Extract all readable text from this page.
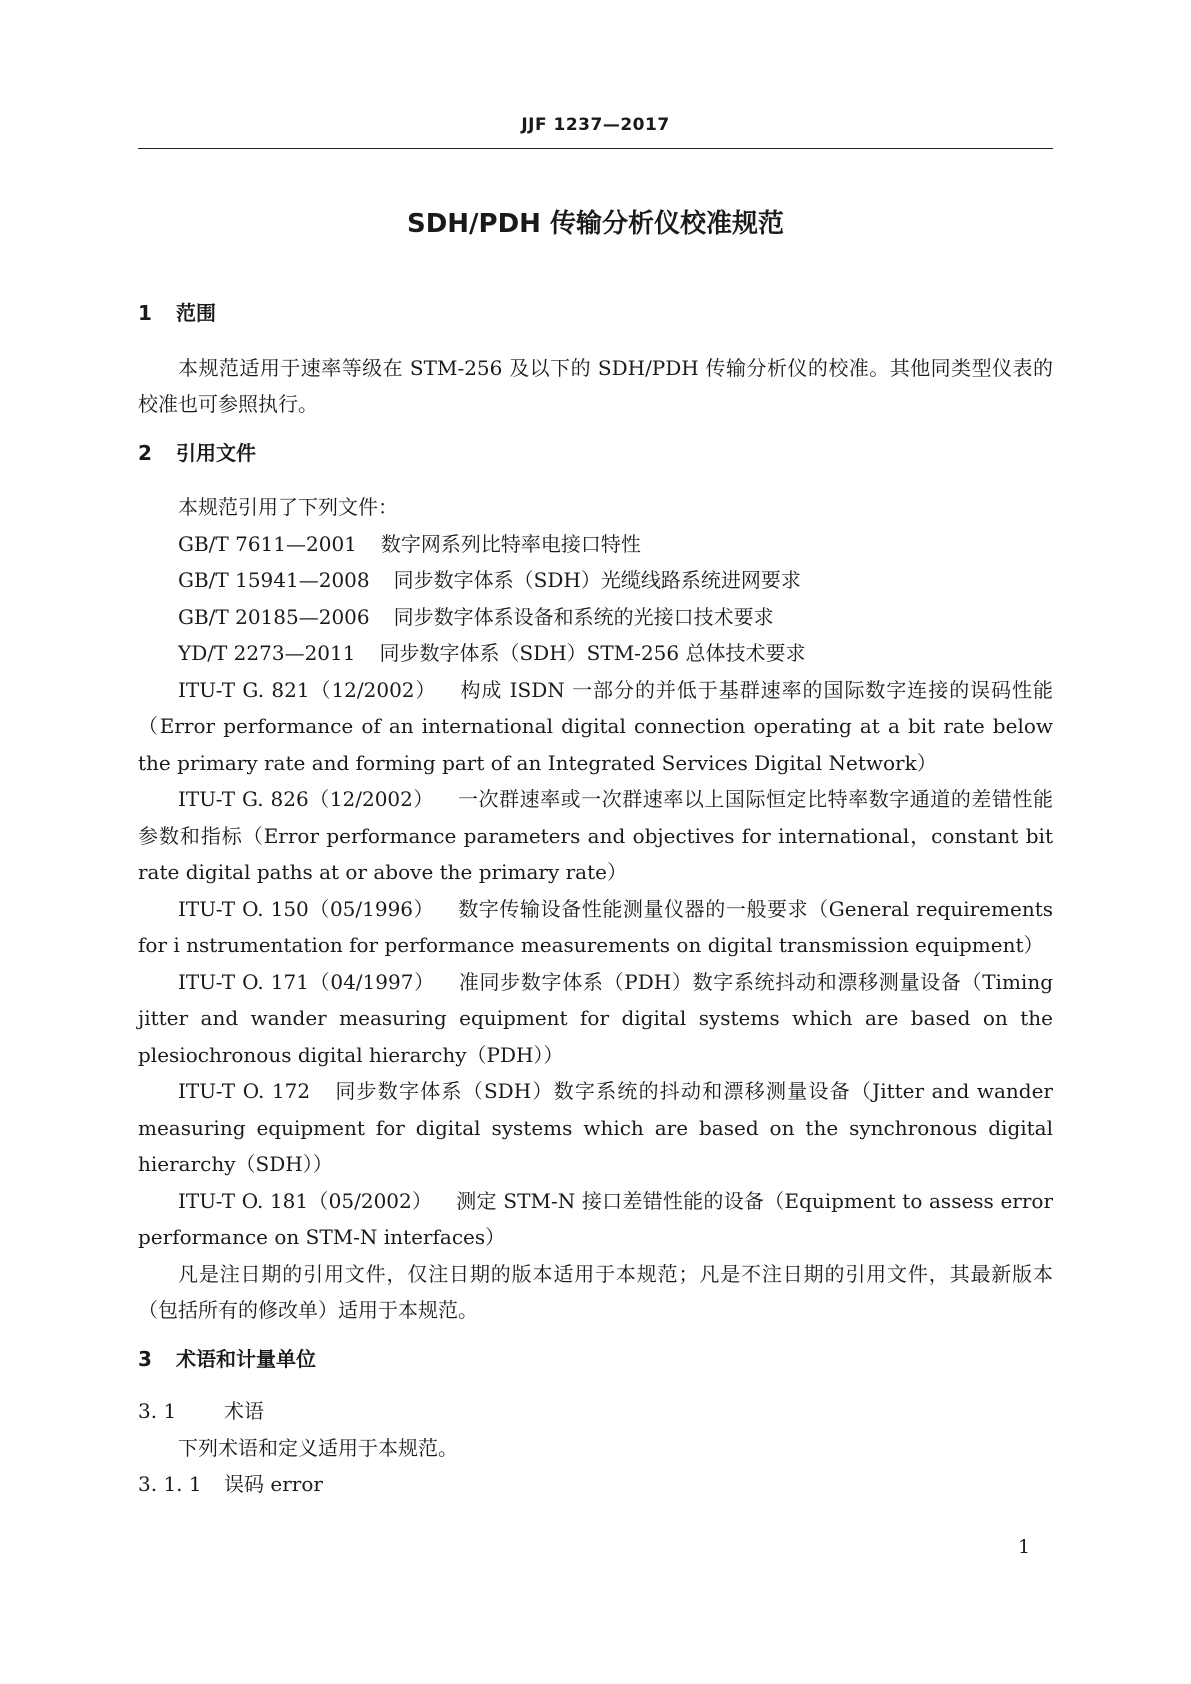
JJF 1237—2017
SDH/PDH 传输分析仪校准规范
1 范围

本规范适用于速率等级在 STM-256 及以下的 SDH/PDH 传输分析仪的校准。其他同类型仪表的校准也可参照执行。

2 引用文件

本规范引用了下列文件：

GB/T 7611—2001 数字网系列比特率电接口特性
GB/T 15941—2008 同步数字体系（SDH）光缆线路系统进网要求
GB/T 20185—2006 同步数字体系设备和系统的光接口技术要求
YD/T 2273—2011 同步数字体系（SDH）STM-256 总体技术要求
ITU-T G. 821（12/2002） 构成 ISDN 一部分的并低于基群速率的国际数字连接的误码性能（Error performance of an international digital connection operating at a bit rate below the primary rate and forming part of an Integrated Services Digital Network）
ITU-T G. 826（12/2002） 一次群速率或一次群速率以上国际恒定比特率数字通道的差错性能参数和指标（Error performance parameters and objectives for international，constant bit rate digital paths at or above the primary rate）
ITU-T O. 150（05/1996） 数字传输设备性能测量仪器的一般要求（General requirements for i nstrumentation for performance measurements on digital transmission equipment）
ITU-T O. 171（04/1997） 准同步数字体系（PDH）数字系统抖动和漂移测量设备（Timing jitter and wander measuring equipment for digital systems which are based on the plesiochronous digital hierarchy（PDH））
ITU-T O. 172 同步数字体系（SDH）数字系统的抖动和漂移测量设备（Jitter and wander measuring equipment for digital systems which are based on the synchronous digital hierarchy（SDH））
ITU-T O. 181（05/2002） 测定 STM-N 接口差错性能的设备（Equipment to assess error performance on STM-N interfaces）

凡是注日期的引用文件，仅注日期的版本适用于本规范；凡是不注日期的引用文件，其最新版本（包括所有的修改单）适用于本规范。

3 术语和计量单位
3. 1 术语

下列术语和定义适用于本规范。

3. 1. 1 误码 error
1
